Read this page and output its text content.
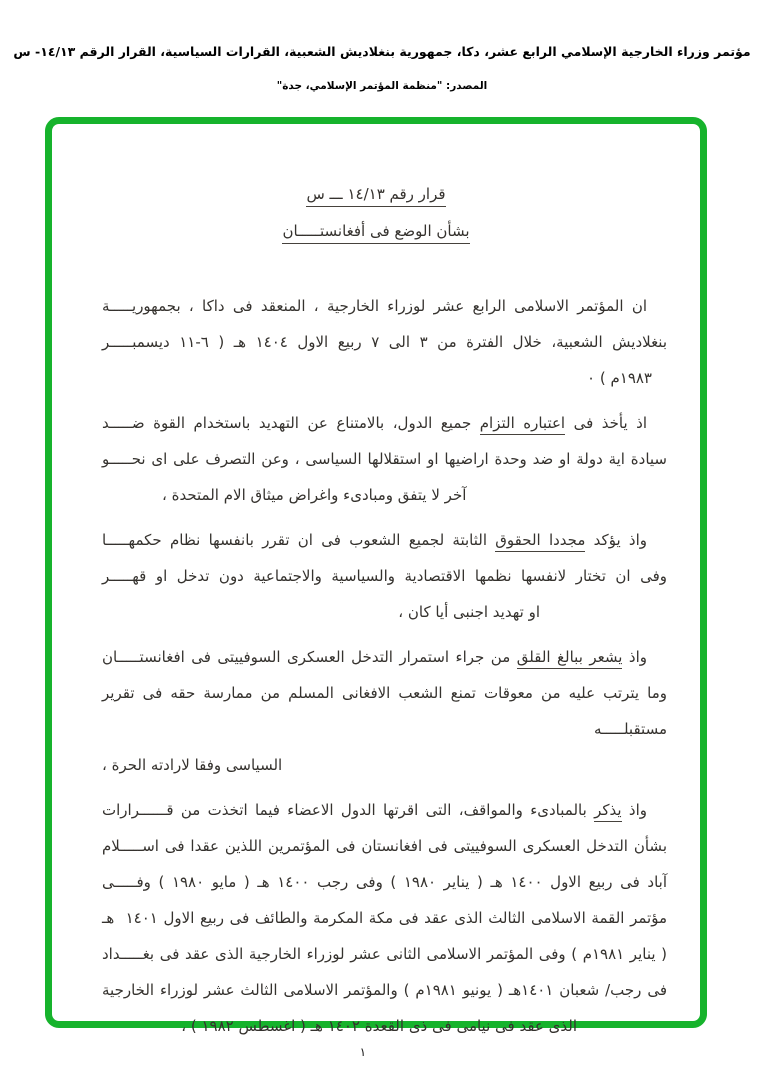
مؤتمر وزراء الخارجية الإسلامي الرابع عشر، دكا، جمهورية بنغلاديش الشعبية، القرارات السياسية، القرار الرقم ١٤/١٣- س
المصدر: "منظمة المؤتمر الإسلامي، جدة"
قرار رقم ١٤/١٣ ـــ س
بشأن الوضع فى أفغانستـــــان
ان المؤتمر الاسلامى الرابع عشر لوزراء الخارجية ، المنعقد فى داكا ، بجمهوريـــــة
بنغلاديش الشعبية، خلال الفترة من ٣ الى ٧ ربيع الاول ١٤٠٤ هـ ( ⁦٦-١١⁩ ديسمبـــــر
١٩٨٣م ) ٠
اذ يأخذ فى اعتباره التزام جميع الدول، بالامتناع عن التهديد باستخدام القوة ضـــــد
سيادة اية دولة او ضد وحدة اراضيها او استقلالها السياسى ، وعن التصرف على اى نحـــــو
آخر لا يتفق ومبادىء واغراض ميثاق الام المتحدة ،
واذ يؤكد مجددا الحقوق الثابتة لجميع الشعوب فى ان تقرر بانفسها نظام حكمهـــــا
وفى ان تختار لانفسها نظمها الاقتصادية والسياسية والاجتماعية دون تدخل او قهـــــر
او تهديد اجنبى أيا كان ،
واذ يشعر ببالغ القلق من جراء استمرار التدخل العسكرى السوفييتى فى افغانستـــــان
وما يترتب عليه من معوقات تمنع الشعب الافغانى المسلم من ممارسة حقه فى تقرير مستقبلـــــه
السياسى وفقا لارادته الحرة ،
واذ يذكر بالمبادىء والمواقف، التى اقرتها الدول الاعضاء فيما اتخذت من قــــــرارات
بشأن التدخل العسكرى السوفييتى فى افغانستان فى المؤتمرين اللذين عقدا فى اســـــلام
آباد فى ربيع الاول ١٤٠٠ هـ ( يناير ١٩٨٠ ) وفى رجب ١٤٠٠ هـ ( مايو ١٩٨٠ ) وفـــــى
مؤتمر القمة الاسلامى الثالث الذى عقد فى مكة المكرمة والطائف فى ربيع الاول ١٤٠١  هـ
( يناير ١٩٨١م ) وفى المؤتمر الاسلامى الثانى عشر لوزراء الخارجية الذى عقد فى بغـــــداد
فى رجب/ شعبان ١٤٠١هـ ( يونيو ١٩٨١م ) والمؤتمر الاسلامى الثالث عشر لوزراء الخارجية
الذى عقد فى نيامى فى ذى القعدة ١٤٠٢ هـ ( اغسطس ١٩٨٢ ) ،
١
